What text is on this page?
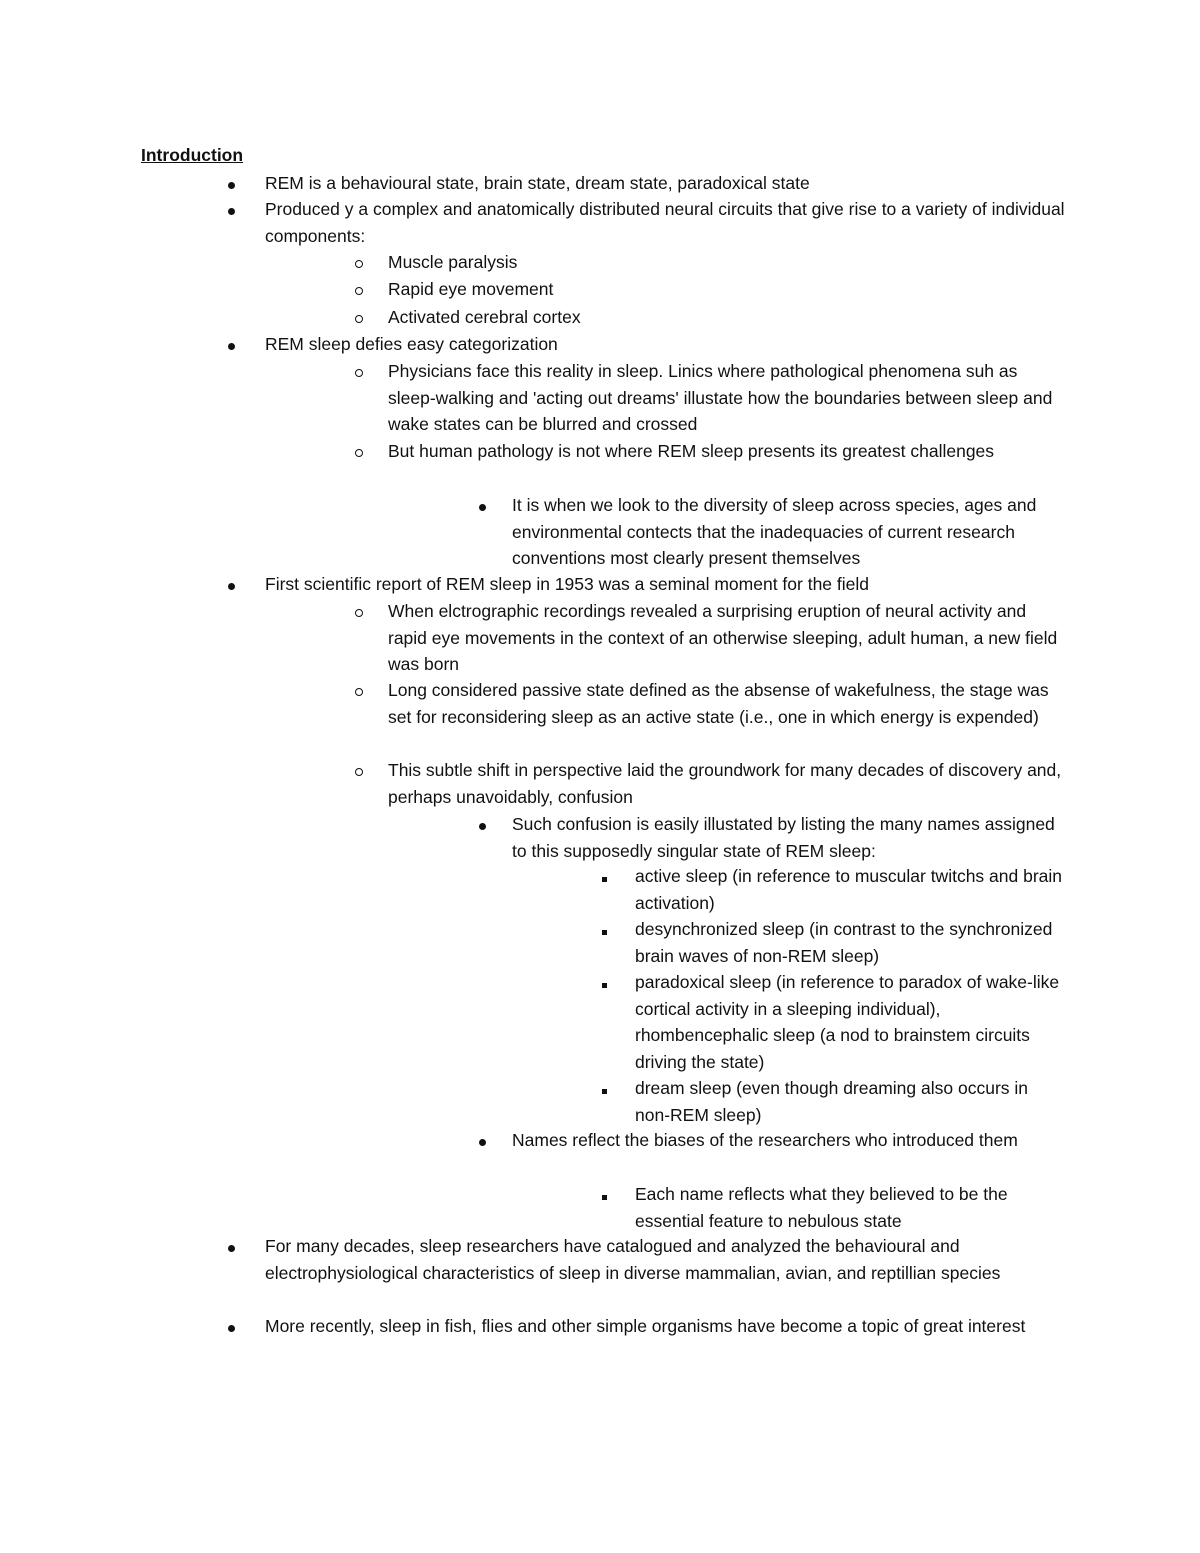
Introduction
REM is a behavioural state, brain state, dream state, paradoxical state
Produced y a complex and anatomically distributed neural circuits that give rise to a variety of individual components:
Muscle paralysis
Rapid eye movement
Activated cerebral cortex
REM sleep defies easy categorization
Physicians face this reality in sleep. Linics where pathological phenomena suh as sleep-walking and 'acting out dreams' illustate how the boundaries between sleep and wake states can be blurred and crossed
But human pathology is not where REM sleep presents its greatest challenges
It is when we look to the diversity of sleep across species, ages and environmental contects that the inadequacies of current research conventions most clearly present themselves
First scientific report of REM sleep in 1953 was a seminal moment for the field
When elctrographic recordings revealed a surprising eruption of neural activity and rapid eye movements in the context of an otherwise sleeping, adult human, a new field was born
Long considered passive state defined as the absense of wakefulness, the stage was set for reconsidering sleep as an active state (i.e., one in which energy is expended)
This subtle shift in perspective laid the groundwork for many decades of discovery and, perhaps unavoidably, confusion
Such confusion is easily illustated by listing the many names assigned to this supposedly singular state of REM sleep:
active sleep (in reference to muscular twitchs and brain activation)
desynchronized sleep (in contrast to the synchronized brain waves of non-REM sleep)
paradoxical sleep (in reference to paradox of wake-like cortical activity in a sleeping individual), rhombencephalic sleep (a nod to brainstem circuits driving the state)
dream sleep (even though dreaming also occurs in non-REM sleep)
Names reflect the biases of the researchers who introduced them
Each name reflects what they believed to be the essential feature to nebulous state
For many decades, sleep researchers have catalogued and analyzed the behavioural and electrophysiological characteristics of sleep in diverse mammalian, avian, and reptillian species
More recently, sleep in fish, flies and other simple organisms have become a topic of great interest
